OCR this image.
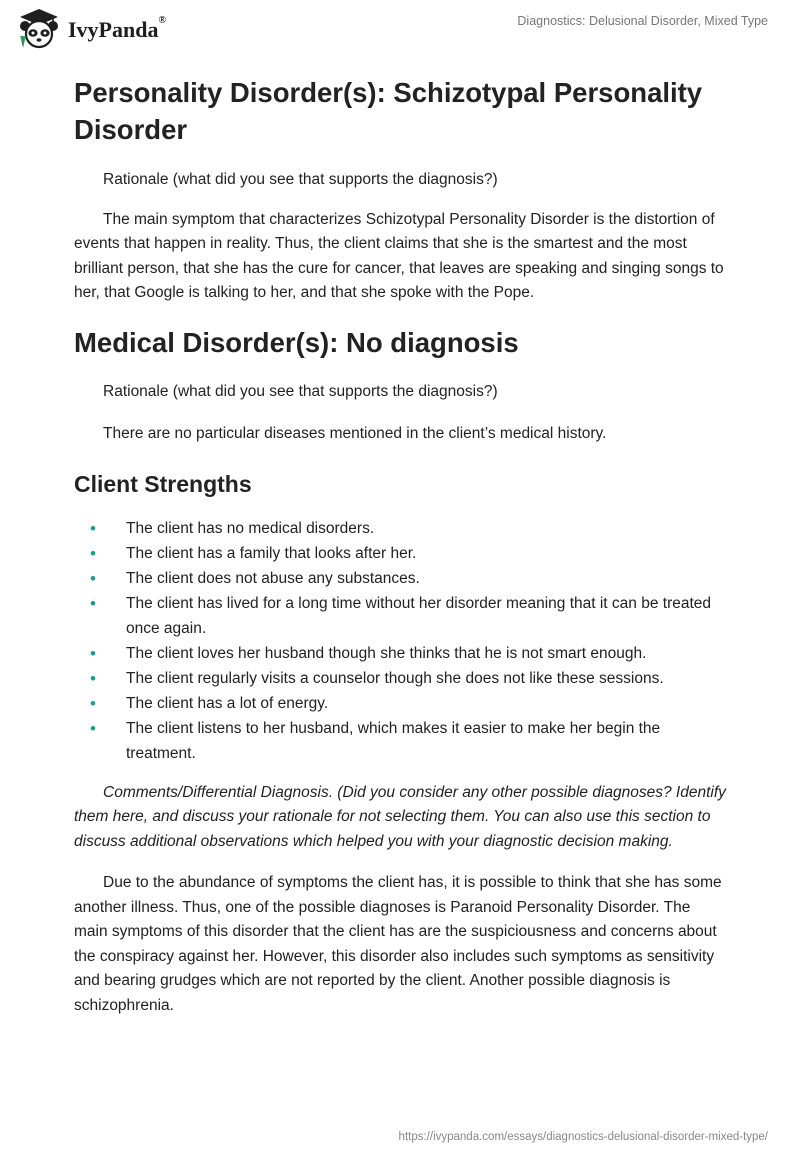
IvyPanda®	Diagnostics: Delusional Disorder, Mixed Type
Personality Disorder(s): Schizotypal Personality Disorder

Rationale (what did you see that supports the diagnosis?)

The main symptom that characterizes Schizotypal Personality Disorder is the distortion of events that happen in reality. Thus, the client claims that she is the smartest and the most brilliant person, that she has the cure for cancer, that leaves are speaking and singing songs to her, that Google is talking to her, and that she spoke with the Pope.

Medical Disorder(s): No diagnosis

Rationale (what did you see that supports the diagnosis?)

There are no particular diseases mentioned in the client’s medical history.

Client Strengths
• The client has no medical disorders.
• The client has a family that looks after her.
• The client does not abuse any substances.
• The client has lived for a long time without her disorder meaning that it can be treated once again.
• The client loves her husband though she thinks that he is not smart enough.
• The client regularly visits a counselor though she does not like these sessions.
• The client has a lot of energy.
• The client listens to her husband, which makes it easier to make her begin the treatment.

Comments/Differential Diagnosis. (Did you consider any other possible diagnoses? Identify them here, and discuss your rationale for not selecting them. You can also use this section to discuss additional observations which helped you with your diagnostic decision making.

Due to the abundance of symptoms the client has, it is possible to think that she has some another illness. Thus, one of the possible diagnoses is Paranoid Personality Disorder. The main symptoms of this disorder that the client has are the suspiciousness and concerns about the conspiracy against her. However, this disorder also includes such symptoms as sensitivity and bearing grudges which are not reported by the client. Another possible diagnosis is schizophrenia.

https://ivypanda.com/essays/diagnostics-delusional-disorder-mixed-type/
